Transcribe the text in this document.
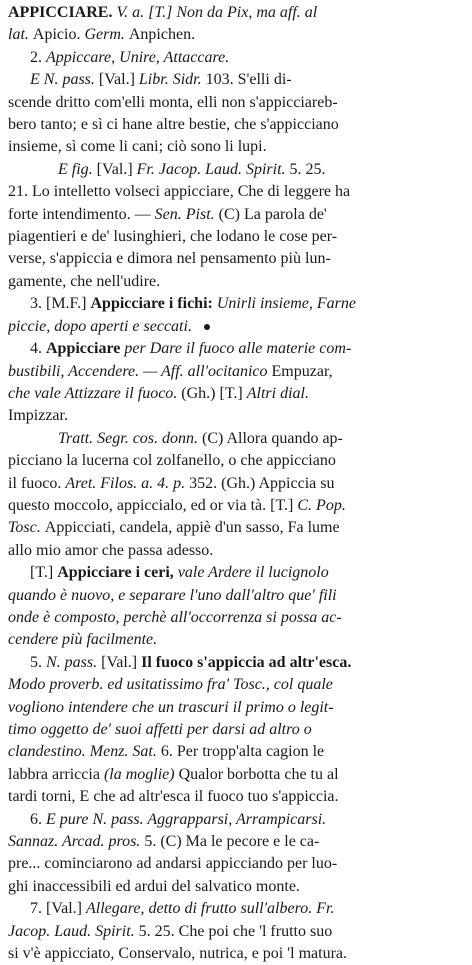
APPICCIARE. V. a. [T.] Non da Pix, ma aff. al
lat. Apicio. Germ. Anpichen.
2. Appiccare, Unire, Attaccare.
E N. pass. [Val.] Libr. Sidr. 103. S'elli di-
scende dritto com'elli monta, elli non s'appicciareb-
bero tanto; e sì ci hane altre bestie, che s'appicciano
insieme, sì come li cani; ciò sono li lupi.
E fig. [Val.] Fr. Jacop. Laud. Spirit. 5. 25.
21. Lo intelletto volseci appicciare, Che di leggere ha
forte intendimento. — Sen. Pist. (C) La parola de'
piagentieri e de' lusinghieri, che lodano le cose per-
verse, s'appiccia e dimora nel pensamento più lun-
gamente, che nell'udire.
3. [M.F.] Appicciare i fichi: Unirli insieme, Farne
piccie, dopo aperti e seccati.
4. Appicciare per Dare il fuoco alle materie com-
bustibili, Accendere. — Aff. all'ocitanico Empuzar,
che vale Attizzare il fuoco. (Gh.) [T.] Altri dial.
Impizzar.
Tratt. Segr. cos. donn. (C) Allora quando ap-
picciano la lucerna col zolfanello, o che appicciano
il fuoco. Aret. Filos. a. 4. p. 352. (Gh.) Appiccia su
questo moccolo, appiccialo, ed or via tà. [T.] C. Pop.
Tosc. Appicciati, candela, appiè d'un sasso, Fa lume
allo mio amor che passa adesso.
[T.] Appicciare i ceri, vale Ardere il lucignolo
quando è nuovo, e separare l'uno dall'altro que' fili
onde è composto, perchè all'occorrenza si possa ac-
cendere più facilmente.
5. N. pass. [Val.] Il fuoco s'appiccia ad altr'esca.
Modo proverb. ed usitatissimo fra' Tosc., col quale
vogliono intendere che un trascuri il primo o legit-
timo oggetto de' suoi affetti per darsi ad altro o
clandestino. Menz. Sat. 6. Per tropp'alta cagion le
labbra arriccia (la moglie) Qualor borbotta che tu al
tardi torni, E che ad altr'esca il fuoco tuo s'appiccia.
6. E pure N. pass. Aggrapparsi, Arrampicarsi.
Sannaz. Arcad. pros. 5. (C) Ma le pecore e le ca-
pre... cominciarono ad andarsi appicciando per luo-
ghi inaccessibili ed ardui del salvatico monte.
7. [Val.] Allegare, detto di frutto sull'albero. Fr.
Jacop. Laud. Spirit. 5. 25. Che poi che 'l frutto suo
si v'è appicciato, Conservalo, nutrica, e poi 'l matura.
